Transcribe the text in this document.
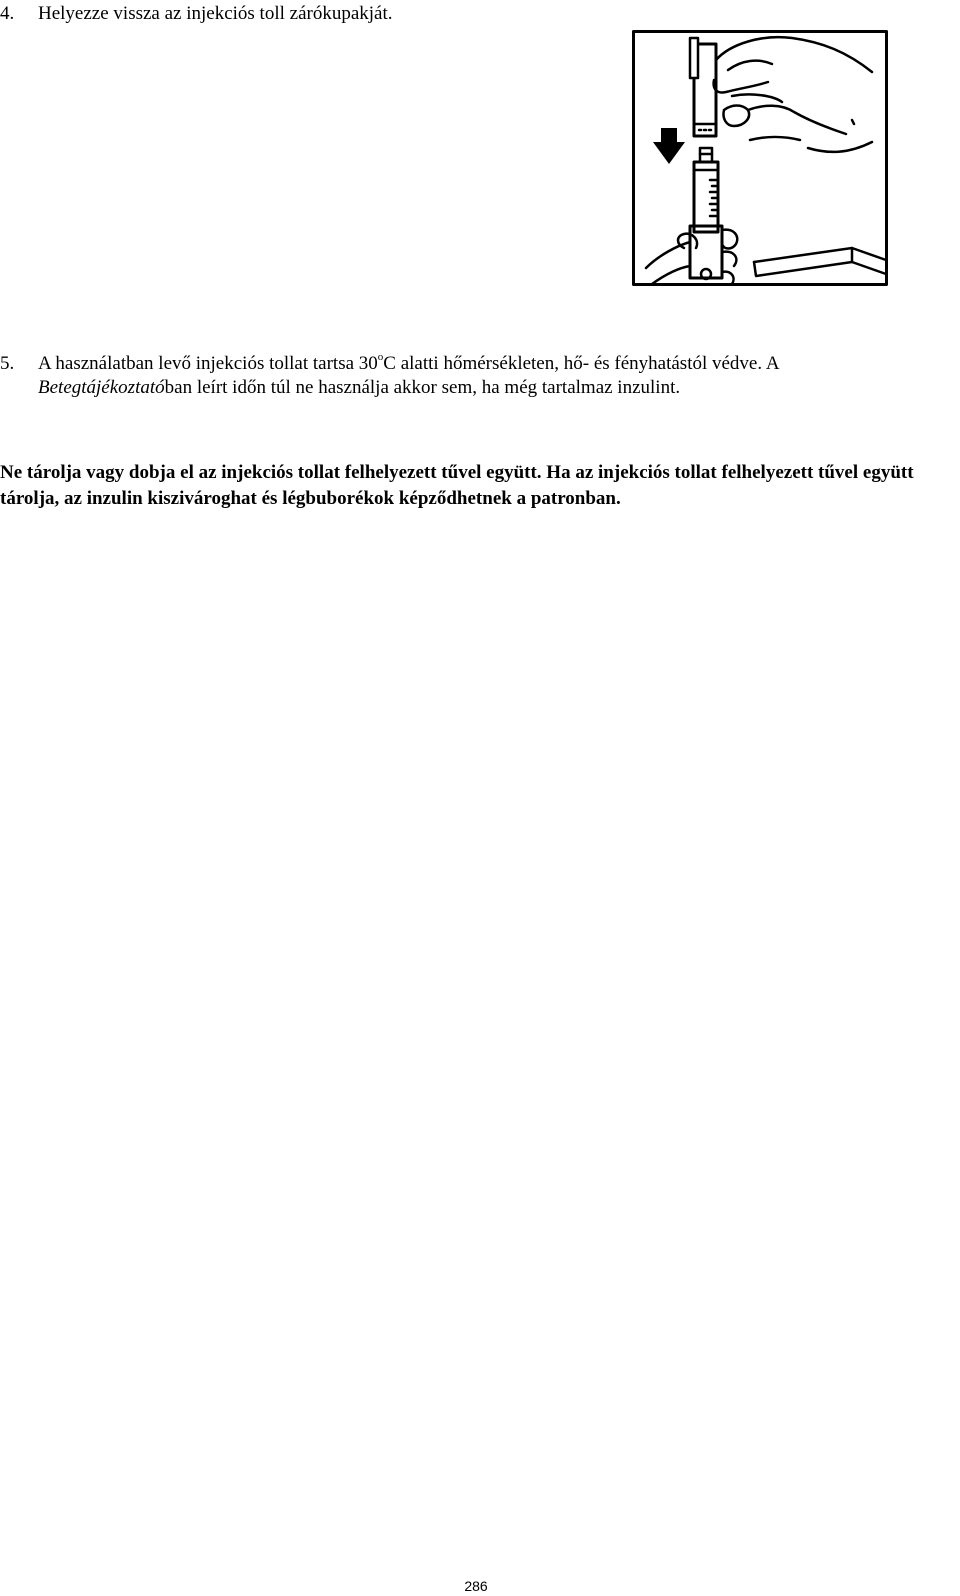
4. Helyezze vissza az injekciós toll zárókupakját.
5. A használatban levő injekciós tollat tartsa 30$^o$C alatti hőmérsékleten, hő- és fényhatástól védve. A
Betegtájékoztatóban leírt időn túl ne használja akkor sem, ha még tartalmaz inzulint.

Ne tárolja vagy dobja el az injekciós tollat felhelyezett tűvel együtt. Ha az injekciós tollat felhelyezett tűvel együtt tárolja, az inzulin kiszivároghat és légbuborékok képződhetnek a patronban.

286
